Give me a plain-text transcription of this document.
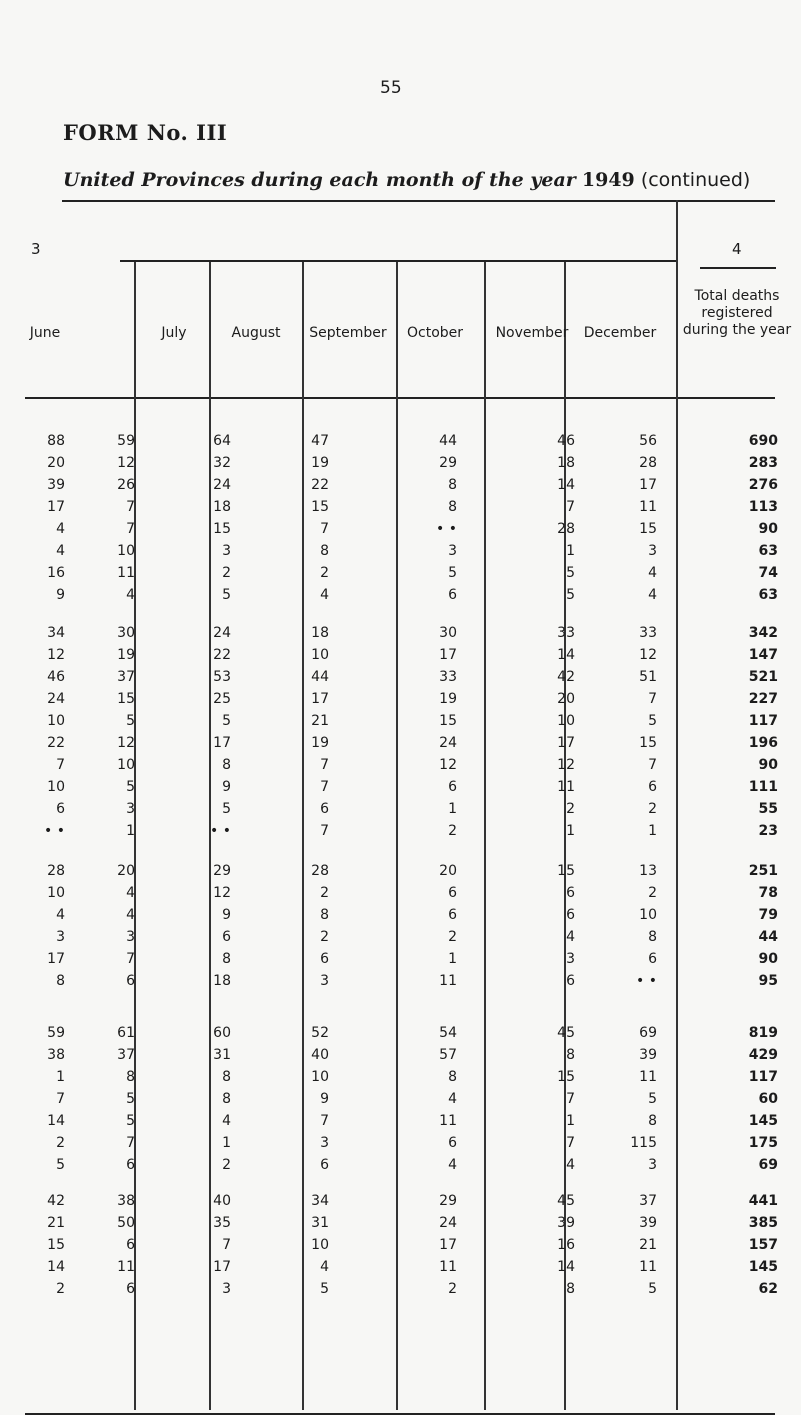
55
FORM No. III
United Provinces during each month of the year 1949 (continued)
3	4
June	July	August	September	October	November	December
Total deaths registered during the year
88	59	64	47	44	46	56	690
20	12	32	19	29	18	28	283
39	26	24	22	8	14	17	276
17	7	18	15	8	7	11	113
4	7	15	7	• •	28	15	90
4	10	3	8	3	1	3	63
16	11	2	2	5	5	4	74
9	4	5	4	6	5	4	63
34	30	24	18	30	33	33	342
12	19	22	10	17	14	12	147
46	37	53	44	33	42	51	521
24	15	25	17	19	20	7	227
10	5	5	21	15	10	5	117
22	12	17	19	24	17	15	196
7	10	8	7	12	12	7	90
10	5	9	7	6	11	6	111
6	3	5	6	1	2	2	55
• •	1	• •	7	2	1	1	23
28	20	29	28	20	15	13	251
10	4	12	2	6	6	2	78
4	4	9	8	6	6	10	79
3	3	6	2	2	4	8	44
17	7	8	6	1	3	6	90
8	6	18	3	11	6	• •	95
59	61	60	52	54	45	69	819
38	37	31	40	57	8	39	429
1	8	8	10	8	15	11	117
7	5	8	9	4	7	5	60
14	5	4	7	11	1	8	145
2	7	1	3	6	7	115	175
5	6	2	6	4	4	3	69
42	38	40	34	29	45	37	441
21	50	35	31	24	39	39	385
15	6	7	10	17	16	21	157
14	11	17	4	11	14	11	145
2	6	3	5	2	8	5	62
